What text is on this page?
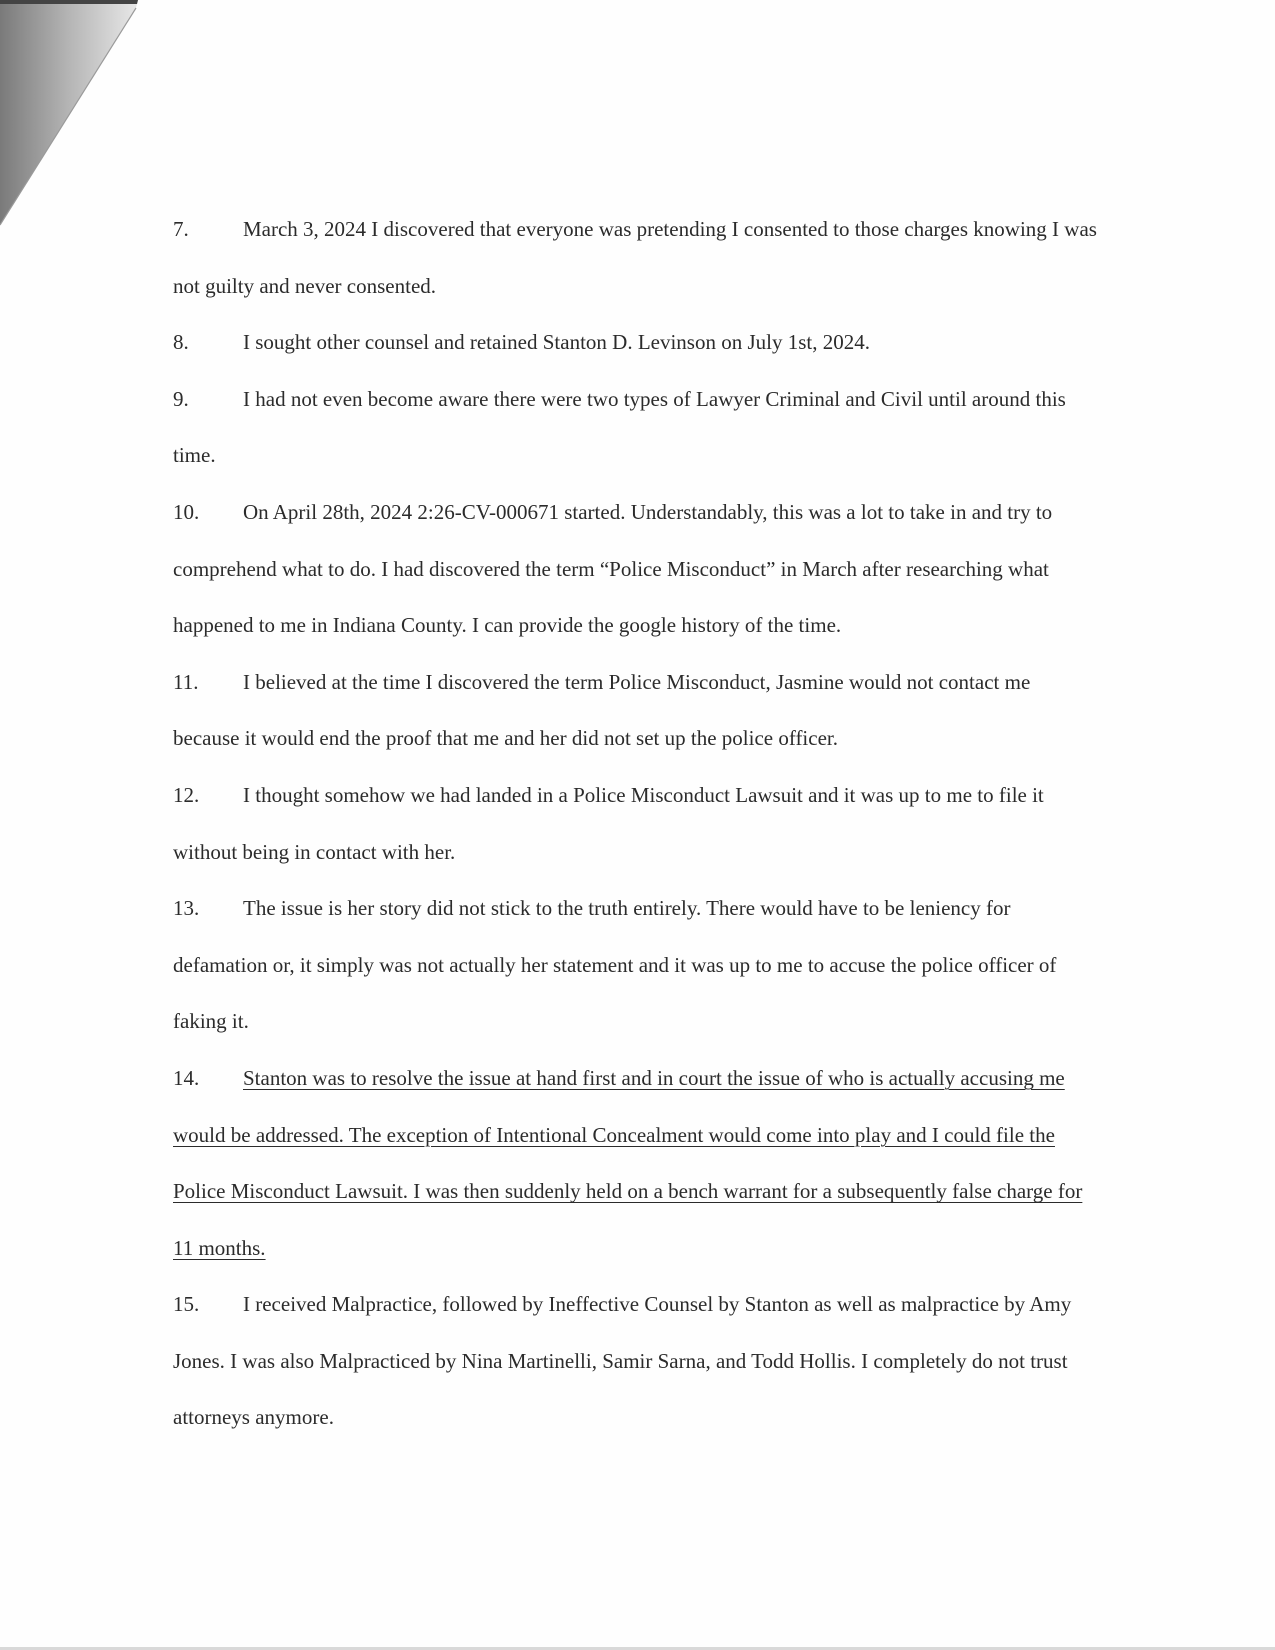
7.	March 3, 2024 I discovered that everyone was pretending I consented to those charges knowing I was not guilty and never consented.

8.	I sought other counsel and retained Stanton D. Levinson on July 1st, 2024.

9.	I had not even become aware there were two types of Lawyer Criminal and Civil until around this time.

10. On April 28th, 2024 2:26-CV-000671 started. Understandably, this was a lot to take in and try to comprehend what to do. I had discovered the term “Police Misconduct” in March after researching what happened to me in Indiana County. I can provide the google history of the time.

11. I believed at the time I discovered the term Police Misconduct, Jasmine would not contact me because it would end the proof that me and her did not set up the police officer.

12. I thought somehow we had landed in a Police Misconduct Lawsuit and it was up to me to file it without being in contact with her.

13. The issue is her story did not stick to the truth entirely. There would have to be leniency for defamation or, it simply was not actually her statement and it was up to me to accuse the police officer of faking it.

14. Stanton was to resolve the issue at hand first and in court the issue of who is actually accusing me would be addressed. The exception of Intentional Concealment would come into play and I could file the Police Misconduct Lawsuit. I was then suddenly held on a bench warrant for a subsequently false charge for 11 months.

15. I received Malpractice, followed by Ineffective Counsel by Stanton as well as malpractice by Amy Jones. I was also Malpracticed by Nina Martinelli, Samir Sarna, and Todd Hollis. I completely do not trust attorneys anymore.
